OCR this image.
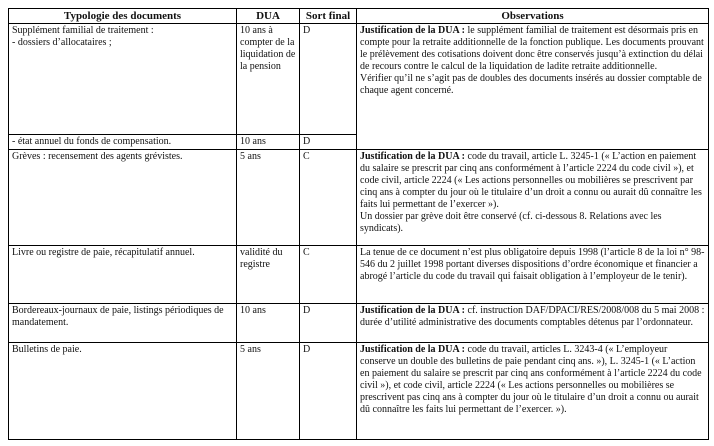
Typologie des documents	DUA	Sort final	Observations

Supplément familial de traitement :
- dossiers d’allocataires ;
	10 ans à compter de la liquidation de la pension	D	Justification de la DUA : le supplément familial de traitement est désormais pris en compte pour la retraite additionnelle de la fonction publique. Les documents prouvant le prélèvement des cotisations doivent donc être conservés jusqu’à extinction du délai de recours contre le calcul de la liquidation de ladite retraite additionnelle.

Vérifier qu’il ne s’agit pas de doubles des documents insérés au dossier comptable de chaque agent concerné.

- état annuel du fonds de compensation.	10 ans	D	
Grèves : recensement des agents grévistes.	5 ans	C	Justification de la DUA : code du travail, article L. 3245-1 (« L’action en paiement du salaire se prescrit par cinq ans conformément à l’article 2224 du code civil »), et code civil, article 2224 (« Les actions personnelles ou mobilières se prescrivent par cinq ans à compter du jour où le titulaire d’un droit a connu ou aurait dû connaître les faits lui permettant de l’exercer »).

Un dossier par grève doit être conservé (cf. ci-dessous 8. Relations avec les syndicats).

Livre ou registre de paie, récapitulatif annuel.	validité du registre	C	La tenue de ce document n’est plus obligatoire depuis 1998 (l’article 8 de la loi n° 98-546 du 2 juillet 1998 portant diverses dispositions d’ordre économique et financier a abrogé l’article du code du travail qui faisait obligation à l’employeur de le tenir).

Bordereaux-journaux de paie, listings périodiques de mandatement.	10 ans	D	Justification de la DUA : cf. instruction DAF/DPACI/RES/2008/008 du 5 mai 2008 : durée d’utilité administrative des documents comptables détenus par l’ordonnateur.

Bulletins de paie.	5 ans	D	Justification de la DUA : code du travail, articles L. 3243-4 (« L’employeur conserve un double des bulletins de paie pendant cinq ans. »), L. 3245-1 (« L’action en paiement du salaire se prescrit par cinq ans conformément à l’article 2224 du code civil »), et code civil, article 2224 (« Les actions personnelles ou mobilières se prescrivent pas cinq ans à compter du jour où le titulaire d’un droit a connu ou aurait dû connaître les faits lui permettant de l’exercer. »).
